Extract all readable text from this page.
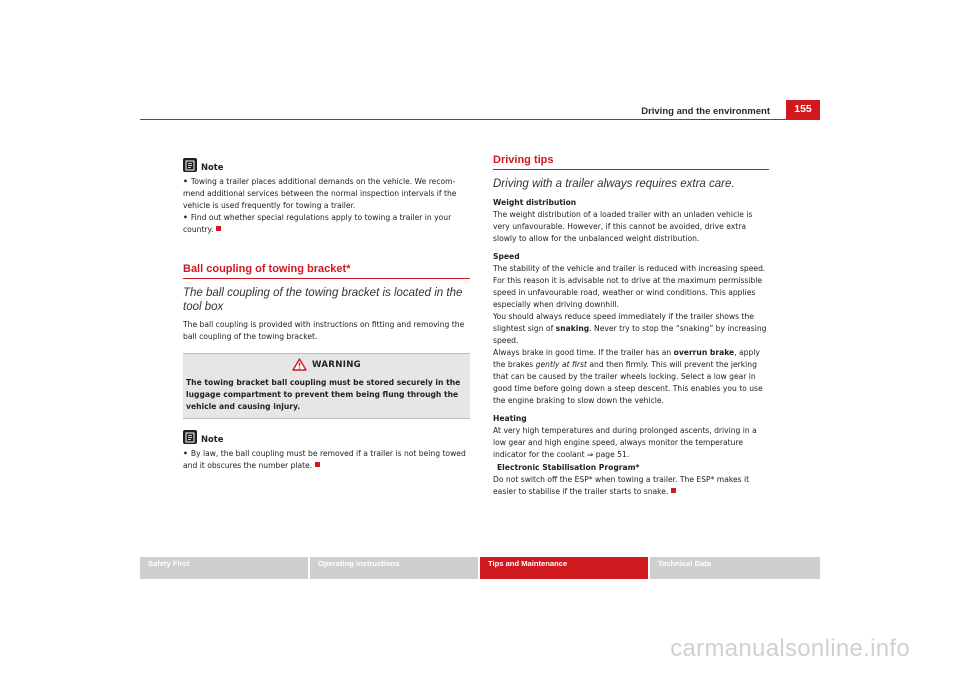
Driving and the environment	155
Note

• Towing a trailer places additional demands on the vehicle. We recom-mend additional services between the normal inspection intervals if the vehicle is used frequently for towing a trailer.

• Find out whether special regulations apply to towing a trailer in your country.

Ball coupling of towing bracket*
The ball coupling of the towing bracket is located in the tool box

The ball coupling is provided with instructions on fitting and removing the ball coupling of the towing bracket.

WARNING
The towing bracket ball coupling must be stored securely in the luggage compartment to prevent them being flung through the vehicle and causing injury.
Note

• By law, the ball coupling must be removed if a trailer is not being towed and it obscures the number plate.

Driving tips
Driving with a trailer always requires extra care.

Weight distribution

The weight distribution of a loaded trailer with an unladen vehicle is very unfavourable. However, if this cannot be avoided, drive extra slowly to allow for the unbalanced weight distribution.

Speed

The stability of the vehicle and trailer is reduced with increasing speed. For this reason it is advisable not to drive at the maximum permissible speed in unfavourable road, weather or wind conditions. This applies especially when driving downhill.

You should always reduce speed immediately if the trailer shows the slightest sign of snaking. Never try to stop the “snaking” by increasing speed.

Always brake in good time. If the trailer has an overrun brake, apply the brakes gently at first and then firmly. This will prevent the jerking that can be caused by the trailer wheels locking. Select a low gear in good time before going down a steep descent. This enables you to use the engine braking to slow down the vehicle.

Heating

At very high temperatures and during prolonged ascents, driving in a low gear and high engine speed, always monitor the temperature indicator for the coolant ⇒ page 51.

Electronic Stabilisation Program*

Do not switch off the ESP* when towing a trailer. The ESP* makes it easier to stabilise if the trailer starts to snake.

Safety First	Operating instructions	Tips and Maintenance	Technical Data
carmanualsonline.info
